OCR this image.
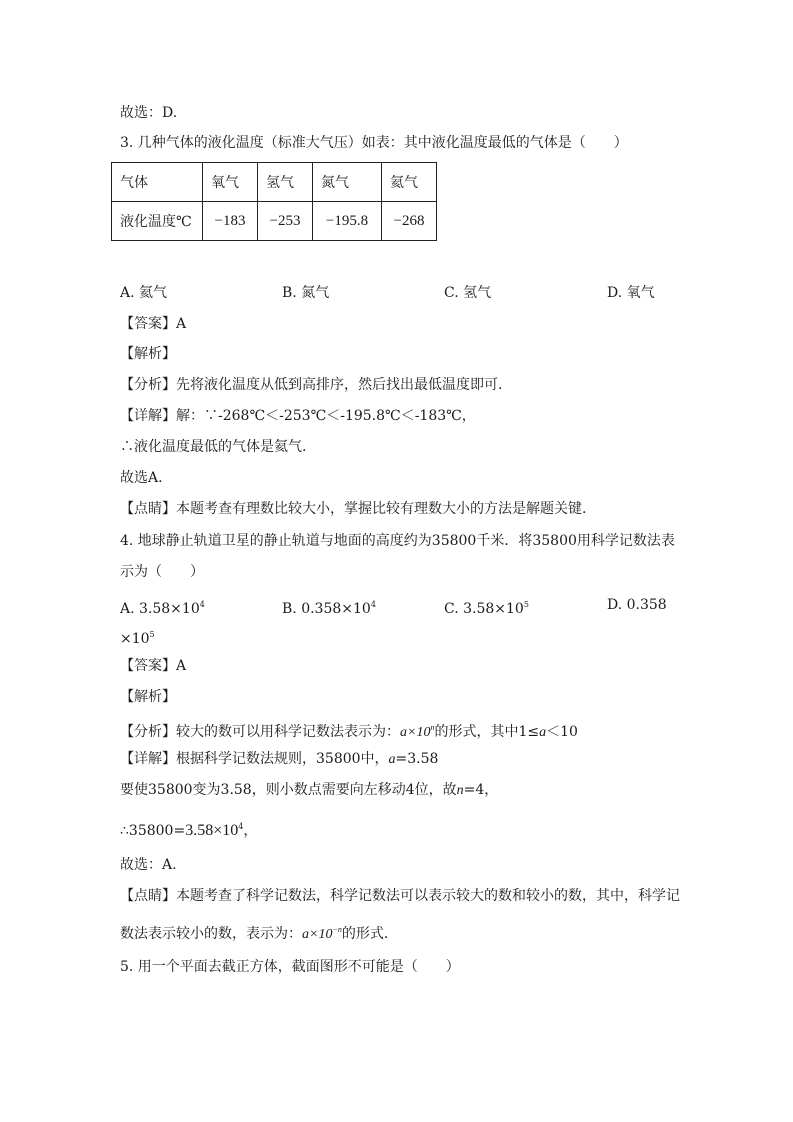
故选：D.
3. 几种气体的液化温度（标准大气压）如表：其中液化温度最低的气体是（　　）
气体	氧气	氢气	氮气	氦气
液化温度℃	−183	−253	−195.8	−268
A. 氦气	B. 氮气	C. 氢气	D. 氧气
【答案】A
【解析】
【分析】先将液化温度从低到高排序，然后找出最低温度即可.
【详解】解：∵-268℃＜-253℃＜-195.8℃＜-183℃，
∴液化温度最低的气体是氦气.
故选A.
【点睛】本题考查有理数比较大小，掌握比较有理数大小的方法是解题关键.
4. 地球静止轨道卫星的静止轨道与地面的高度约为35800千米．将35800用科学记数法表
示为（　　）
A. $3.58\times 10^4$	B. $0.358\times 10^4$	C. $3.58\times 10^5$	D. 0.358
$\times 10^5$
【答案】A
【解析】
【分析】较大的数可以用科学记数法表示为：$a\times 10^n$的形式，其中1≤a＜10
【详解】根据科学记数法规则，35800中，a=3.58
要使35800变为3.58，则小数点需要向左移动4位，故n=4，
$\therefore 35800=3.58\times 10^4$，
故选：A.
【点睛】本题考查了科学记数法，科学记数法可以表示较大的数和较小的数，其中，科学记
数法表示较小的数，表示为：$a\times 10^{-n}$的形式.
5. 用一个平面去截正方体，截面图形不可能是（　　）
